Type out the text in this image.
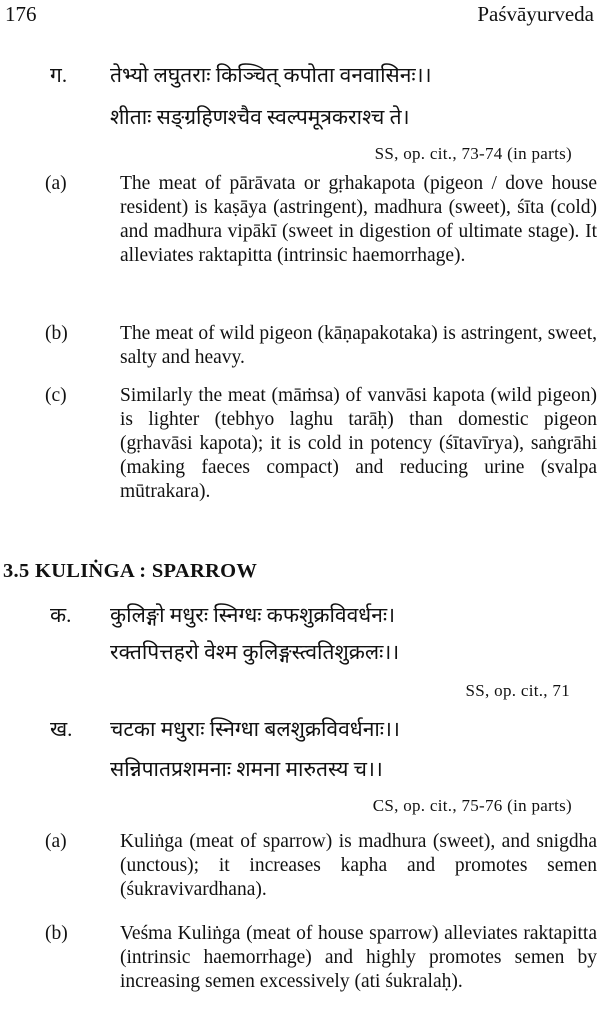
176	Paśvāyurveda
ग. तेभ्यो लघुतराः किञ्चित् कपोता वनवासिनः।।
शीताः सङ्ग्रहिणश्चैव स्वल्पमूत्रकराश्च ते।
SS, op. cit., 73-74 (in parts)
(a)	The meat of pārāvata or gṛhakapota (pigeon / dove house resident) is kaṣāya (astringent), madhura (sweet), śīta (cold) and madhura vipākī (sweet in digestion of ultimate stage). It alleviates raktapitta (intrinsic haemorrhage).
(b)	The meat of wild pigeon (kāṇapakotaka) is astringent, sweet, salty and heavy.
(c)	Similarly the meat (māṁsa) of vanvāsi kapota (wild pigeon) is lighter (tebhyo laghu tarāḥ) than domestic pigeon (gṛhavāsi kapota); it is cold in potency (śītavīrya), saṅgrāhi (making faeces compact) and reducing urine (svalpa mūtrakara).
3.5 KULIṄGA : SPARROW
क. कुलिङ्गो मधुरः स्निग्धः कफशुक्रविवर्धनः।
रक्तपित्तहरो वेश्म कुलिङ्गस्त्वतिशुक्रलः।।
SS, op. cit., 71
ख. चटका मधुराः स्निग्धा बलशुक्रविवर्धनाः।।
सन्निपातप्रशमनाः शमना मारुतस्य च।।
CS, op. cit., 75-76 (in parts)
(a)	Kuliṅga (meat of sparrow) is madhura (sweet), and snigdha (unctous); it increases kapha and promotes semen (śukravivardhana).
(b)	Veśma Kuliṅga (meat of house sparrow) alleviates raktapitta (intrinsic haemorrhage) and highly promotes semen by increasing semen excessively (ati śukralaḥ).
